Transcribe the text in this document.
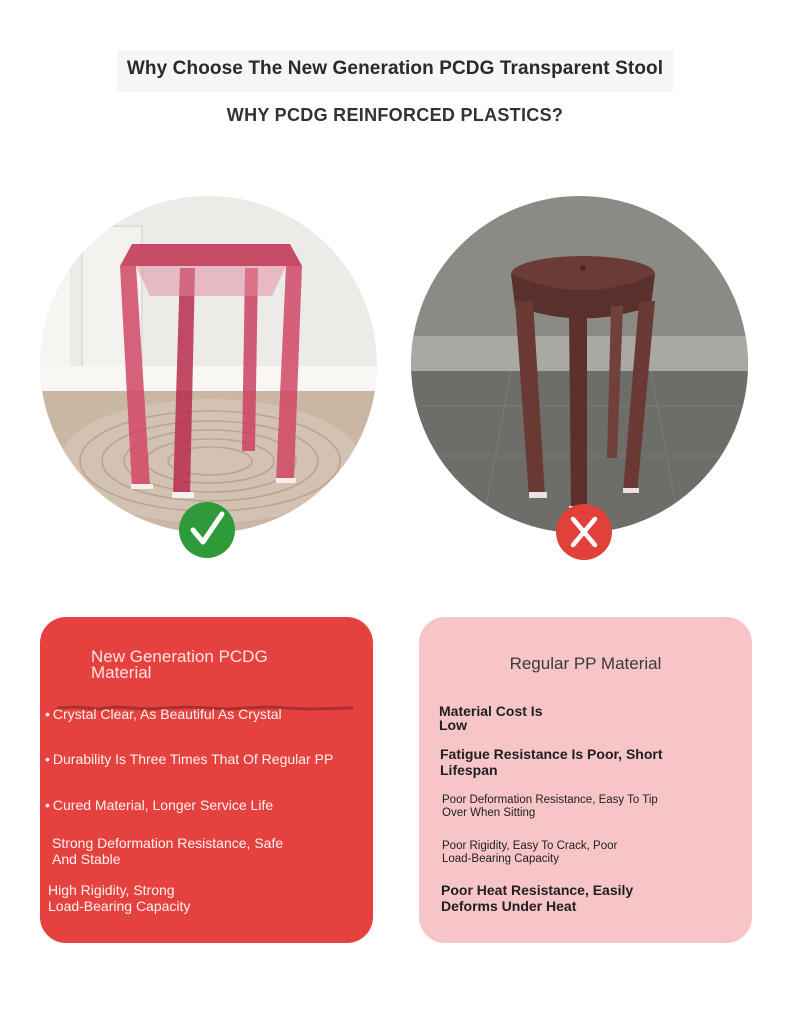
Why Choose The New Generation PCDG Transparent Stool
WHY PCDG REINFORCED PLASTICS?
New Generation PCDG
Material
• Crystal Clear, As Beautiful As Crystal
• Durability Is Three Times That Of Regular PP
• Cured Material, Longer Service Life
Strong Deformation Resistance, Safe
And Stable
High Rigidity, Strong
Load-Bearing Capacity
Regular PP Material
Material Cost Is
Low
Fatigue Resistance Is Poor, Short
Lifespan
Poor Deformation Resistance, Easy To Tip
Over When Sitting
Poor Rigidity, Easy To Crack, Poor
Load-Bearing Capacity
Poor Heat Resistance, Easily
Deforms Under Heat
